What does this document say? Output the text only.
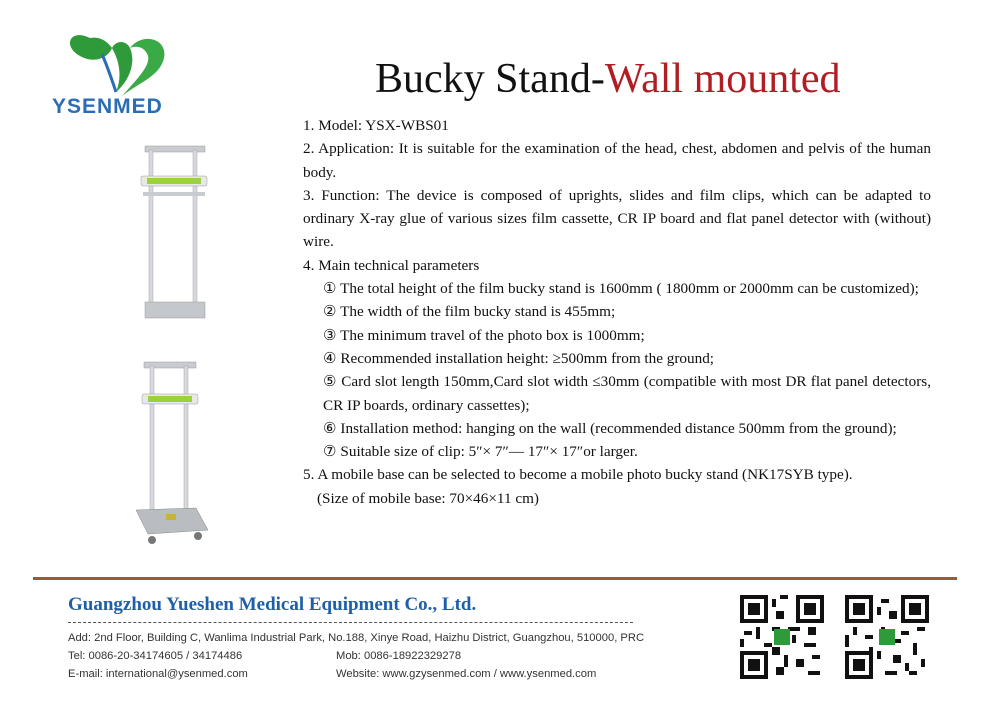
YSENMED
Bucky Stand-Wall mounted

1. Model: YSX-WBS01

2. Application: It is suitable for the examination of the head, chest, abdomen and pelvis of the human body.

3. Function: The device is composed of uprights, slides and film clips, which can be adapted to ordinary X-ray glue of various sizes film cassette, CR IP board and flat panel detector with (without) wire.

4. Main technical parameters

① The total height of the film bucky stand is 1600mm ( 1800mm or 2000mm can be customized);

② The width of the film bucky stand is 455mm;

③ The minimum travel of the photo box is 1000mm;

④ Recommended installation height: ≥500mm from the ground;

⑤ Card slot length 150mm,Card slot width ≤30mm (compatible with most DR flat panel detectors, CR IP boards, ordinary cassettes);

⑥ Installation method: hanging on the wall (recommended distance 500mm from the ground);

⑦ Suitable size of clip: 5″× 7″— 17″× 17″or larger.

5. A mobile base can be selected to become a mobile photo bucky stand (NK17SYB type).

(Size of mobile base: 70×46×11 cm)

Guangzhou Yueshen Medical Equipment Co., Ltd.
Add: 2nd Floor, Building C, Wanlima Industrial Park, No.188, Xinye Road, Haizhu District, Guangzhou, 510000, PRC
Tel: 0086-20-34174605 / 34174486	Mob: 0086-18922329278
E-mail: international@ysenmed.com	Website: www.gzysenmed.com / www.ysenmed.com
